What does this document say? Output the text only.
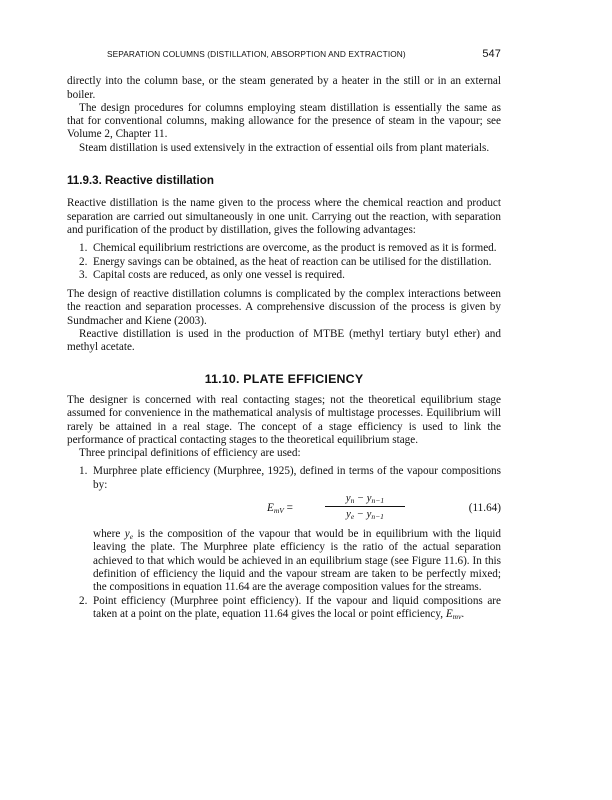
SEPARATION COLUMNS (DISTILLATION, ABSORPTION AND EXTRACTION)	547

directly into the column base, or the steam generated by a heater in the still or in an external boiler.

The design procedures for columns employing steam distillation is essentially the same as that for conventional columns, making allowance for the presence of steam in the vapour; see Volume 2, Chapter 11.

Steam distillation is used extensively in the extraction of essential oils from plant materials.

11.9.3. Reactive distillation

Reactive distillation is the name given to the process where the chemical reaction and product separation are carried out simultaneously in one unit. Carrying out the reaction, with separation and purification of the product by distillation, gives the following advantages:

1. Chemical equilibrium restrictions are overcome, as the product is removed as it is formed.
2. Energy savings can be obtained, as the heat of reaction can be utilised for the distillation.
3. Capital costs are reduced, as only one vessel is required.

The design of reactive distillation columns is complicated by the complex interactions between the reaction and separation processes. A comprehensive discussion of the process is given by Sundmacher and Kiene (2003).

Reactive distillation is used in the production of MTBE (methyl tertiary butyl ether) and methyl acetate.

11.10. PLATE EFFICIENCY

The designer is concerned with real contacting stages; not the theoretical equilibrium stage assumed for convenience in the mathematical analysis of multistage processes. Equilibrium will rarely be attained in a real stage. The concept of a stage efficiency is used to link the performance of practical contacting stages to the theoretical equilibrium stage.

Three principal definitions of efficiency are used:

1. Murphree plate efficiency (Murphree, 1925), defined in terms of the vapour compositions by:
$E_{mV}$ =
$y_n - y_{n-1}$
$y_e - y_{n-1}$
(11.64)
where $y_e$ is the composition of the vapour that would be in equilibrium with the liquid leaving the plate. The Murphree plate efficiency is the ratio of the actual separation achieved to that which would be achieved in an equilibrium stage (see Figure 11.6). In this definition of efficiency the liquid and the vapour stream are taken to be perfectly mixed; the compositions in equation 11.64 are the average composition values for the streams.
2. Point efficiency (Murphree point efficiency). If the vapour and liquid compositions are taken at a point on the plate, equation 11.64 gives the local or point efficiency, $E_{mv}$.
